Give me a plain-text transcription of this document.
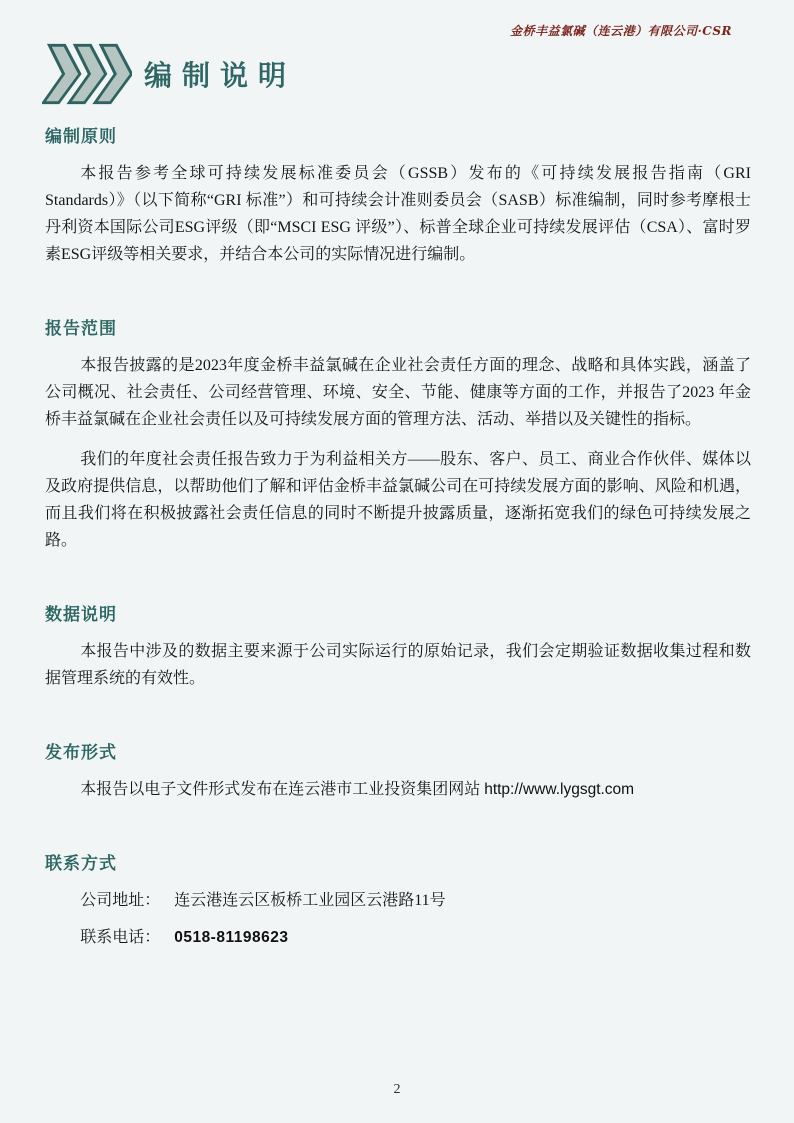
金桥丰益氯碱（连云港）有限公司·CSR
编制说明
编制原则

本报告参考全球可持续发展标准委员会（GSSB）发布的《可持续发展报告指南（GRI Standards）》（以下简称“GRI 标准”）和可持续会计准则委员会（SASB）标准编制，同时参考摩根士丹利资本国际公司ESG评级（即“MSCI ESG 评级”）、标普全球企业可持续发展评估（CSA）、富时罗素ESG评级等相关要求，并结合本公司的实际情况进行编制。

报告范围

本报告披露的是2023年度金桥丰益氯碱在企业社会责任方面的理念、战略和具体实践，涵盖了公司概况、社会责任、公司经营管理、环境、安全、节能、健康等方面的工作，并报告了2023 年金桥丰益氯碱在企业社会责任以及可持续发展方面的管理方法、活动、举措以及关键性的指标。

我们的年度社会责任报告致力于为利益相关方——股东、客户、员工、商业合作伙伴、媒体以及政府提供信息，以帮助他们了解和评估金桥丰益氯碱公司在可持续发展方面的影响、风险和机遇，而且我们将在积极披露社会责任信息的同时不断提升披露质量，逐渐拓宽我们的绿色可持续发展之路。

数据说明

本报告中涉及的数据主要来源于公司实际运行的原始记录，我们会定期验证数据收集过程和数据管理系统的有效性。

发布形式

本报告以电子文件形式发布在连云港市工业投资集团网站 http://www.lygsgt.com

联系方式

公司地址： 连云港连云区板桥工业园区云港路11号

联系电话： 0518-81198623

2
